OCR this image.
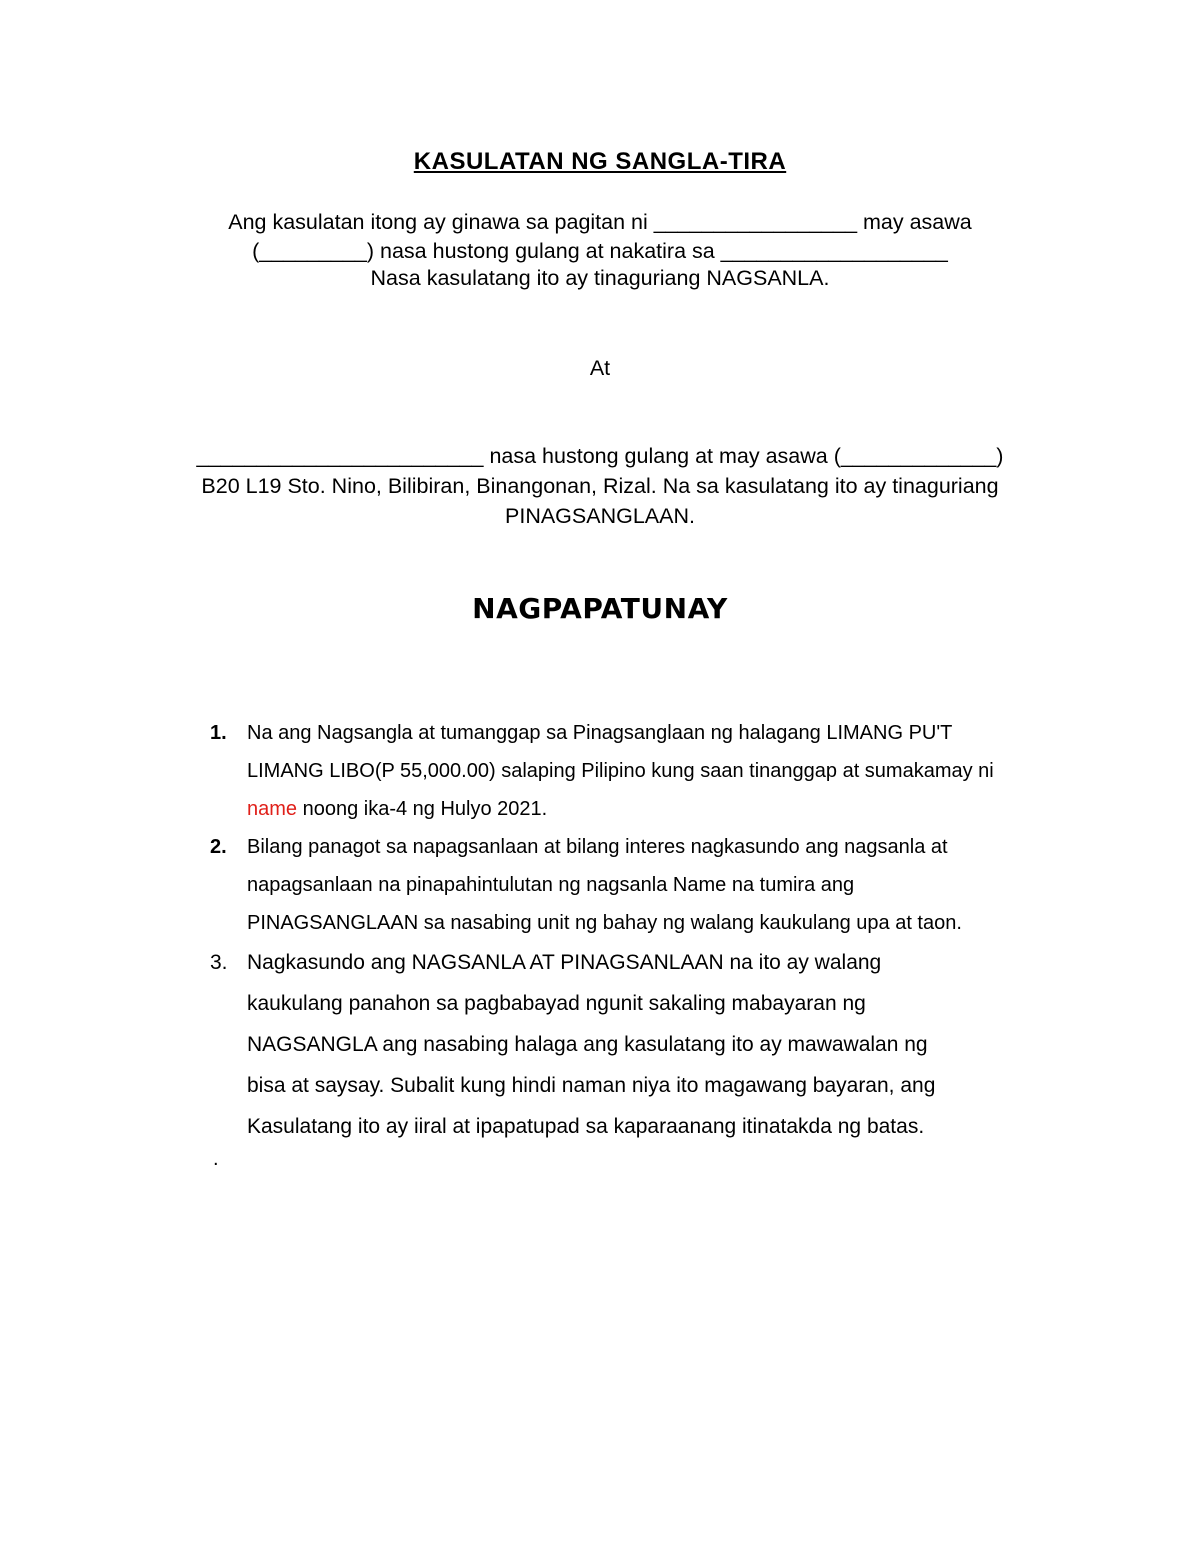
KASULATAN NG SANGLA-TIRA
Ang kasulatan itong ay ginawa sa pagitan ni _________________ may asawa
(_________) nasa hustong gulang at nakatira sa ___________________
Nasa kasulatang ito ay tinaguriang NAGSANLA.
At
________________________ nasa hustong gulang at may asawa (_____________)
B20 L19 Sto. Nino, Bilibiran, Binangonan, Rizal. Na sa kasulatang ito ay tinaguriang
PINAGSANGLAAN.
NAGPAPATUNAY
1. Na ang Nagsangla at tumanggap sa Pinagsanglaan ng halagang LIMANG PU'T
LIMANG LIBO(P 55,000.00) salaping Pilipino kung saan tinanggap at sumakamay ni
name noong ika-4 ng Hulyo 2021.
2. Bilang panagot sa napagsanlaan at bilang interes nagkasundo ang nagsanla at
napagsanlaan na pinapahintulutan ng nagsanla Name na tumira ang
PINAGSANGLAAN sa nasabing unit ng bahay ng walang kaukulang upa at taon.
3. Nagkasundo ang NAGSANLA AT PINAGSANLAAN na ito ay walang
kaukulang panahon sa pagbabayad ngunit sakaling mabayaran ng
NAGSANGLA ang nasabing halaga ang kasulatang ito ay mawawalan ng
bisa at saysay. Subalit kung hindi naman niya ito magawang bayaran, ang
Kasulatang ito ay iiral at ipapatupad sa kaparaanang itinatakda ng batas.
.
